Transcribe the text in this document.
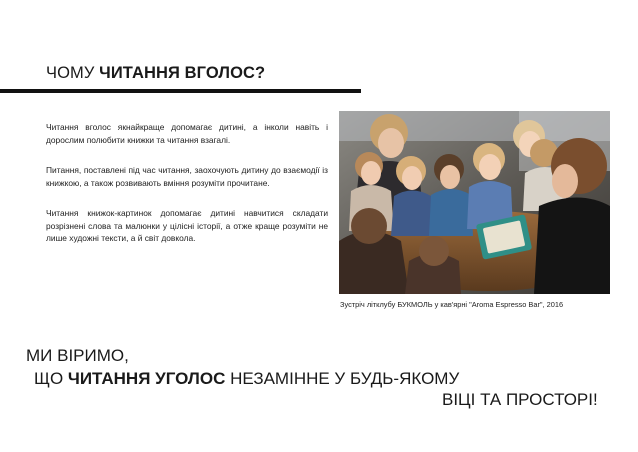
ЧОМУ ЧИТАННЯ ВГОЛОС?

Читання вголос якнайкраще допомагає дитині, а інколи навіть і дорослим полюбити книжки та читання взагалі.

Питання, поставлені під час читання, заохочують дитину до взаємодії із книжкою, а також розвивають вміння розуміти прочитане.

Читання книжок-картинок допомагає дитині навчитися складати розрізнені слова та малюнки у цілісні історії, а отже краще розуміти не лише художні тексти, а й світ довкола.

Зустріч літклубу БУКМОЛЬ у кав'ярні "Aroma Espresso Bar", 2016
МИ ВІРИМО,
ЩО ЧИТАННЯ УГОЛОС НЕЗАМІННЕ У БУДЬ-ЯКОМУ
ВІЦІ ТА ПРОСТОРІ!
